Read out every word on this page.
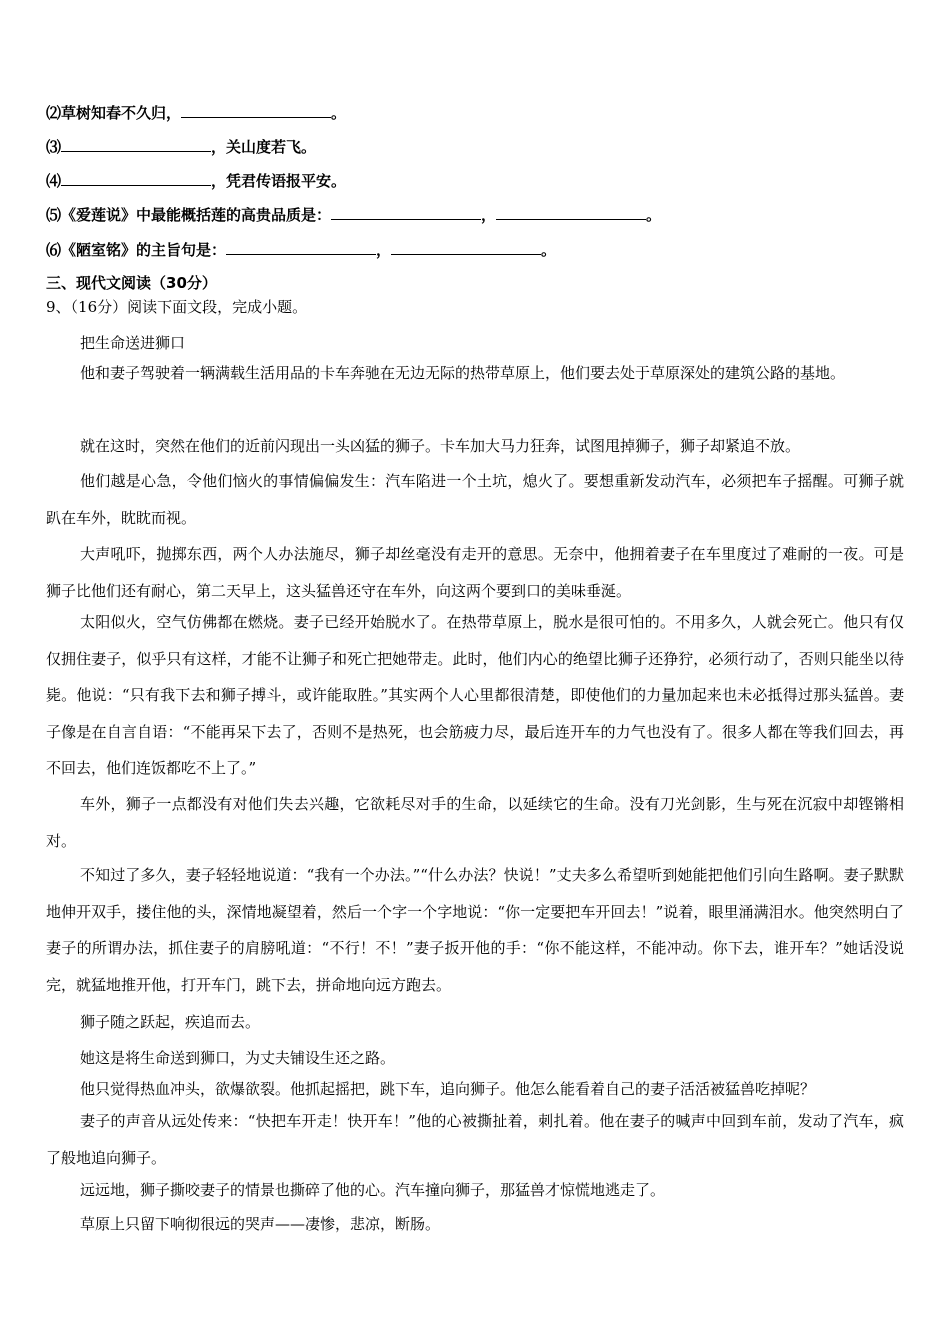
⑵草树知春不久归，	。
⑶	，关山度若飞。
⑷	，凭君传语报平安。
⑸《爱莲说》中最能概括莲的高贵品质是：	，	。
⑹《陋室铭》的主旨句是：	，	。
三、现代文阅读（30分）
9、（16分）阅读下面文段，完成小题。
把生命送进狮口
他和妻子驾驶着一辆满载生活用品的卡车奔驰在无边无际的热带草原上，他们要去处于草原深处的建筑公路的基地。
就在这时，突然在他们的近前闪现出一头凶猛的狮子。卡车加大马力狂奔，试图甩掉狮子，狮子却紧追不放。
他们越是心急，令他们恼火的事情偏偏发生：汽车陷进一个土坑，熄火了。要想重新发动汽车，必须把车子摇醒。可狮子就趴在车外，眈眈而视。
大声吼吓，抛掷东西，两个人办法施尽，狮子却丝毫没有走开的意思。无奈中，他拥着妻子在车里度过了难耐的一夜。可是狮子比他们还有耐心，第二天早上，这头猛兽还守在车外，向这两个要到口的美味垂涎。
太阳似火，空气仿佛都在燃烧。妻子已经开始脱水了。在热带草原上，脱水是很可怕的。不用多久，人就会死亡。他只有仅仅拥住妻子，似乎只有这样，才能不让狮子和死亡把她带走。此时，他们内心的绝望比狮子还狰狞，必须行动了，否则只能坐以待毙。他说：“只有我下去和狮子搏斗，或许能取胜。”其实两个人心里都很清楚，即使他们的力量加起来也未必抵得过那头猛兽。妻子像是在自言自语：“不能再呆下去了，否则不是热死，也会筋疲力尽，最后连开车的力气也没有了。很多人都在等我们回去，再不回去，他们连饭都吃不上了。”
车外，狮子一点都没有对他们失去兴趣，它欲耗尽对手的生命，以延续它的生命。没有刀光剑影，生与死在沉寂中却铿锵相对。
不知过了多久，妻子轻轻地说道：“我有一个办法。”“什么办法？快说！”丈夫多么希望听到她能把他们引向生路啊。妻子默默地伸开双手，搂住他的头，深情地凝望着，然后一个字一个字地说：“你一定要把车开回去！”说着，眼里涌满泪水。他突然明白了妻子的所谓办法，抓住妻子的肩膀吼道：“不行！不！”妻子扳开他的手：“你不能这样，不能冲动。你下去，谁开车？”她话没说完，就猛地推开他，打开车门，跳下去，拼命地向远方跑去。
狮子随之跃起，疾追而去。
她这是将生命送到狮口，为丈夫铺设生还之路。
他只觉得热血冲头，欲爆欲裂。他抓起摇把，跳下车，追向狮子。他怎么能看着自己的妻子活活被猛兽吃掉呢？
妻子的声音从远处传来：“快把车开走！快开车！”他的心被撕扯着，刺扎着。他在妻子的喊声中回到车前，发动了汽车，疯了般地追向狮子。
远远地，狮子撕咬妻子的情景也撕碎了他的心。汽车撞向狮子，那猛兽才惊慌地逃走了。
草原上只留下响彻很远的哭声——凄惨，悲凉，断肠。
